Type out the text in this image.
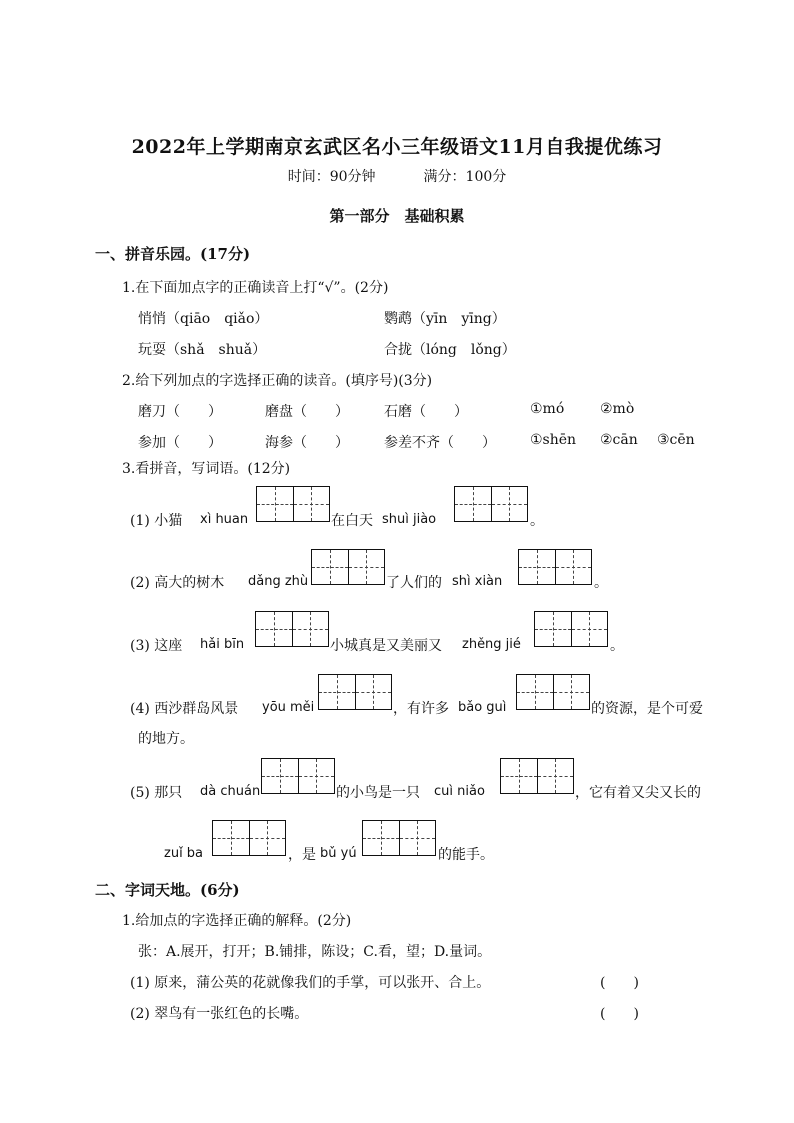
2022年上学期南京玄武区名小三年级语文11月自我提优练习
时间：90分钟	满分：100分
第一部分　基础积累
一、拼音乐园。(17分)
1.在下面加点字的正确读音上打“√”。(2分)
悄悄（qiāo　qiǎo）	鹦鹉（yīn　yīng）
玩耍（shǎ　shuǎ）	合拢（lóng　lǒng）
2.给下列加点的字选择正确的读音。(填序号)(3分)
磨刀（　　）	磨盘（　　）	石磨（　　）	①mó	②mò
参加（　　）	海参（　　）	参差不齐（　　） ①shēn ②cān ③cēn
3.看拼音，写词语。(12分)
(1) 小猫 xì huan	在白天 shuì jiào	。
(2) 高大的树木 dǎng zhù	了人们的 shì xiàn	。
(3) 这座 hǎi bīn	小城真是又美丽又 zhěng jié	。
(4) 西沙群岛风景 yōu měi	，有许多 bǎo guì	的资源，是个可爱
的地方。
(5) 那只 dà chuán	的小鸟是一只 cuì niǎo	，它有着又尖又长的
zuǐ ba	，是 bǔ yú	的能手。
二、字词天地。(6分)
1.给加点的字选择正确的解释。(2分)
张：A.展开，打开；B.铺排，陈设；C.看，望；D.量词。
(1) 原来，蒲公英的花就像我们的手掌，可以张开、合上。	(　　)
(2) 翠鸟有一张红色的长嘴。	(　　)
